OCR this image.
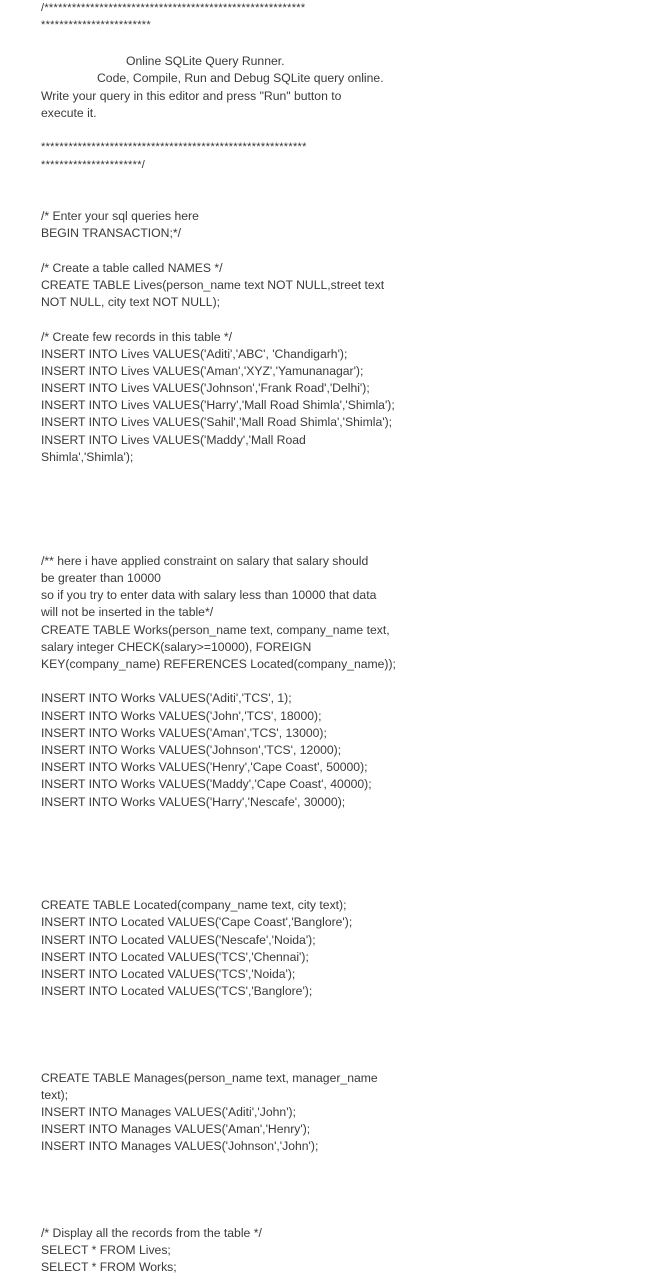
/*********************************************************

************************

Online SQLite Query Runner.

Code, Compile, Run and Debug SQLite query online.

Write your query in this editor and press "Run" button to

execute it.

**********************************************************

**********************/

/* Enter your sql queries here

BEGIN TRANSACTION;*/

/* Create a table called NAMES */

CREATE TABLE Lives(person_name text NOT NULL,street text

NOT NULL, city text NOT NULL);

/* Create few records in this table */

INSERT INTO Lives VALUES('Aditi','ABC', 'Chandigarh');

INSERT INTO Lives VALUES('Aman','XYZ','Yamunanagar');

INSERT INTO Lives VALUES('Johnson','Frank Road','Delhi');

INSERT INTO Lives VALUES('Harry','Mall Road Shimla','Shimla');

INSERT INTO Lives VALUES('Sahil','Mall Road Shimla','Shimla');

INSERT INTO Lives VALUES('Maddy','Mall Road

Shimla','Shimla');

/** here i have applied constraint on salary that salary should

be greater than 10000

so if you try to enter data with salary less than 10000 that data

will not be inserted in the table*/

CREATE TABLE Works(person_name text, company_name text,

salary integer CHECK(salary>=10000), FOREIGN

KEY(company_name) REFERENCES Located(company_name));

INSERT INTO Works VALUES('Aditi','TCS', 1);

INSERT INTO Works VALUES('John','TCS', 18000);

INSERT INTO Works VALUES('Aman','TCS', 13000);

INSERT INTO Works VALUES('Johnson','TCS', 12000);

INSERT INTO Works VALUES('Henry','Cape Coast', 50000);

INSERT INTO Works VALUES('Maddy','Cape Coast', 40000);

INSERT INTO Works VALUES('Harry','Nescafe', 30000);

CREATE TABLE Located(company_name text, city text);

INSERT INTO Located VALUES('Cape Coast','Banglore');

INSERT INTO Located VALUES('Nescafe','Noida');

INSERT INTO Located VALUES('TCS','Chennai');

INSERT INTO Located VALUES('TCS','Noida');

INSERT INTO Located VALUES('TCS','Banglore');

CREATE TABLE Manages(person_name text, manager_name

text);

INSERT INTO Manages VALUES('Aditi','John');

INSERT INTO Manages VALUES('Aman','Henry');

INSERT INTO Manages VALUES('Johnson','John');

/* Display all the records from the table */

SELECT * FROM Lives;

SELECT * FROM Works;
